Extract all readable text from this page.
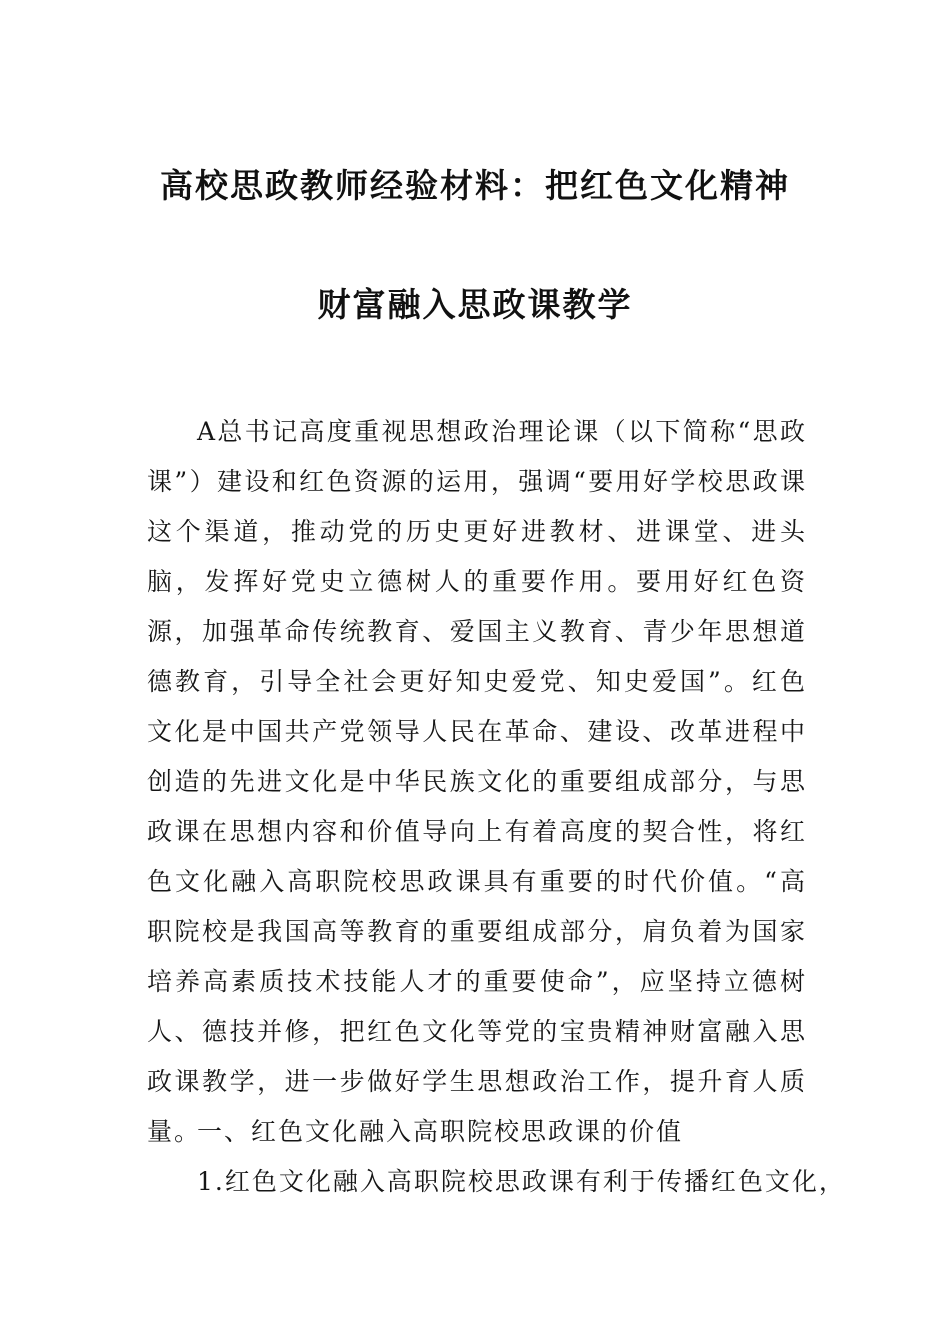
高校思政教师经验材料：把红色文化精神
财富融入思政课教学

A总书记高度重视思想政治理论课（以下简称“思政课”）建设和红色资源的运用，强调“要用好学校思政课这个渠道，推动党的历史更好进教材、进课堂、进头脑，发挥好党史立德树人的重要作用。要用好红色资源，加强革命传统教育、爱国主义教育、青少年思想道德教育，引导全社会更好知史爱党、知史爱国”。红色文化是中国共产党领导人民在革命、建设、改革进程中创造的先进文化是中华民族文化的重要组成部分，与思政课在思想内容和价值导向上有着高度的契合性，将红色文化融入高职院校思政课具有重要的时代价值。“高职院校是我国高等教育的重要组成部分，肩负着为国家培养高素质技术技能人才的重要使命”，应坚持立德树人、德技并修，把红色文化等党的宝贵精神财富融入思政课教学，进一步做好学生思想政治工作，提升育人质量。

一、红色文化融入高职院校思政课的价值
1.红色文化融入高职院校思政课有利于传播红色文化，
